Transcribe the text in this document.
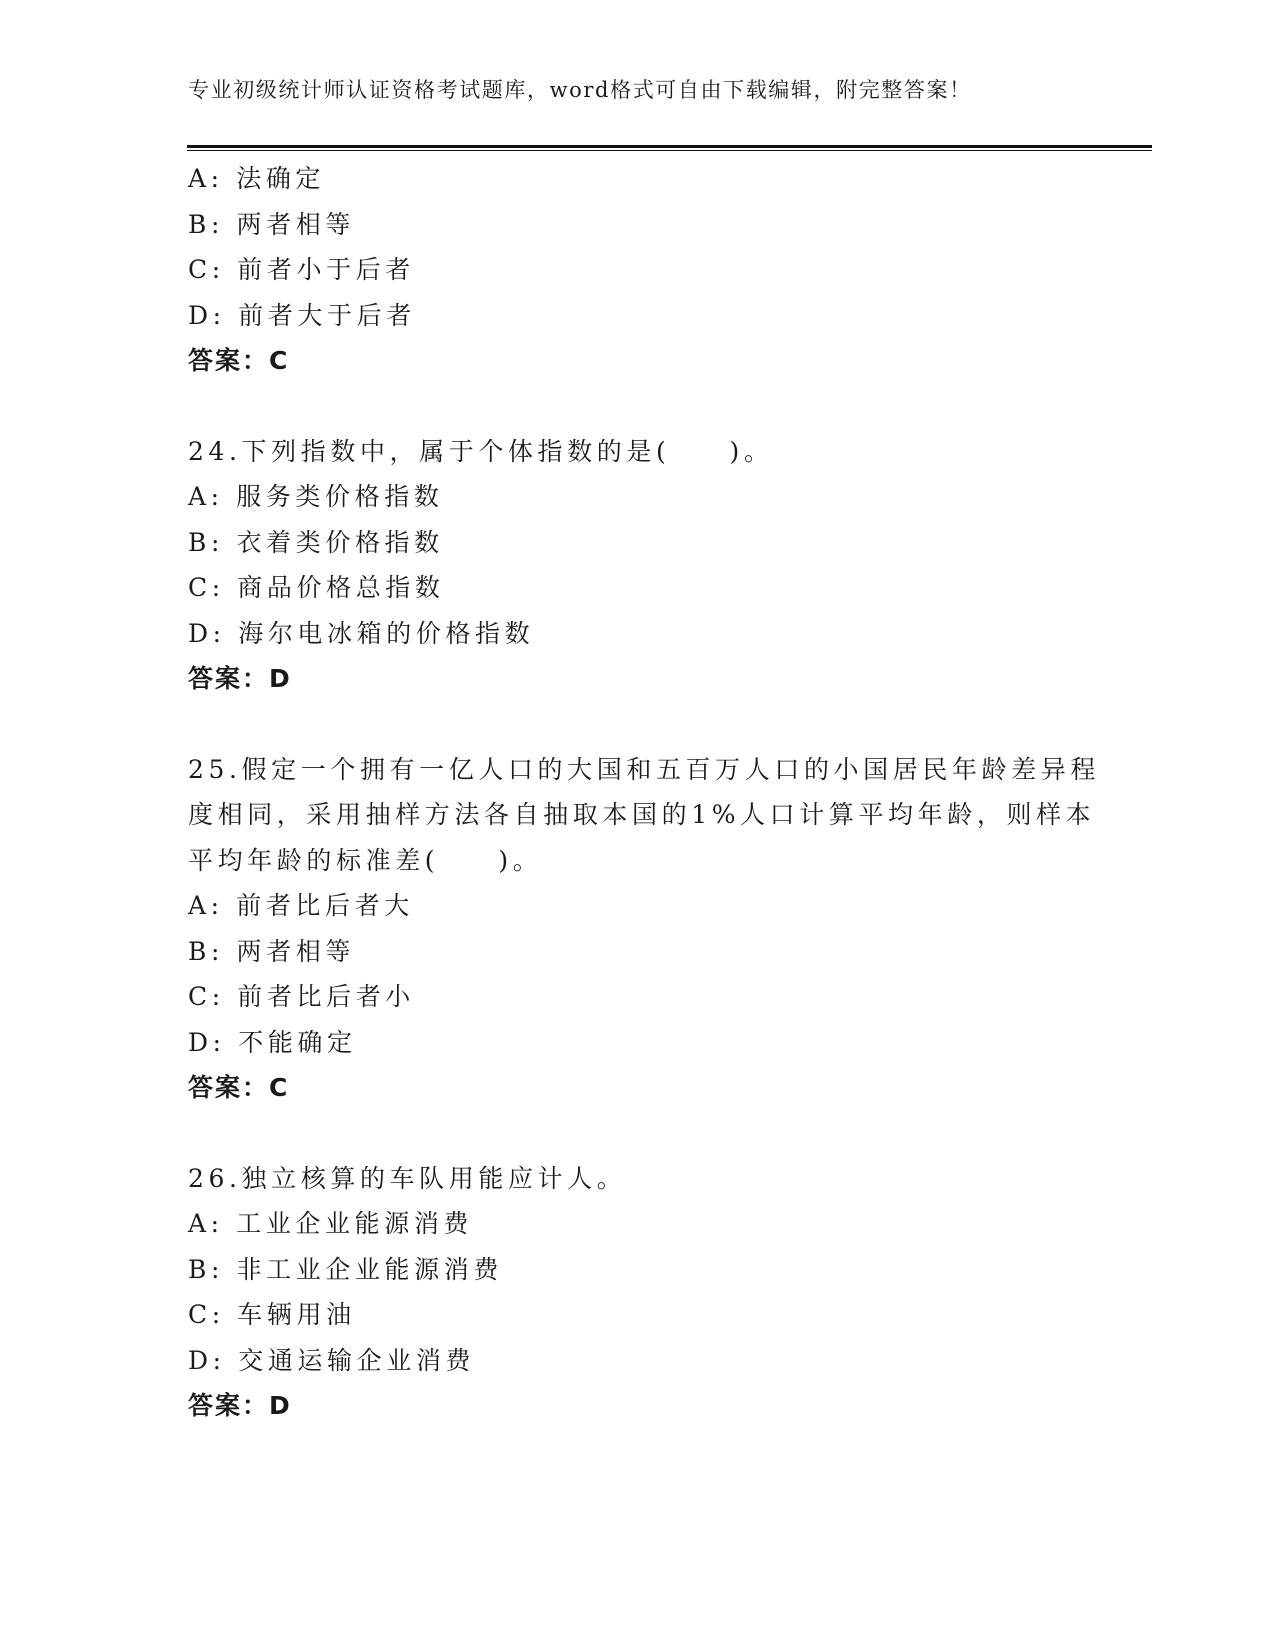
专业初级统计师认证资格考试题库，word格式可自由下载编辑，附完整答案！
A: 法确定
B: 两者相等
C: 前者小于后者
D: 前者大于后者
答案：C
24.下列指数中，属于个体指数的是(　　)。
A: 服务类价格指数
B: 衣着类价格指数
C: 商品价格总指数
D: 海尔电冰箱的价格指数
答案：D
25.假定一个拥有一亿人口的大国和五百万人口的小国居民年龄差异程
度相同，采用抽样方法各自抽取本国的1%人口计算平均年龄，则样本
平均年龄的标准差(　　)。
A: 前者比后者大
B: 两者相等
C: 前者比后者小
D: 不能确定
答案：C
26.独立核算的车队用能应计人。
A: 工业企业能源消费
B: 非工业企业能源消费
C: 车辆用油
D: 交通运输企业消费
答案：D
